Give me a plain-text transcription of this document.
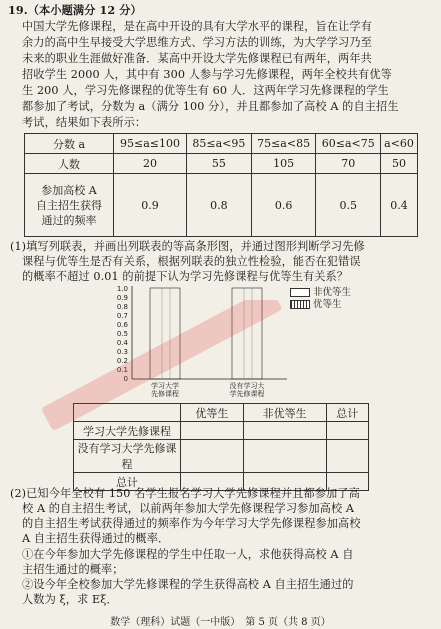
19.（本小题满分 12 分）
中国大学先修课程，是在高中开设的具有大学水平的课程，旨在让学有
余力的高中生早接受大学思维方式、学习方法的训练，为大学学习乃至
未来的职业生涯做好准备．某高中开设大学先修课程已有两年，两年共
招收学生 2000 人，其中有 300 人参与学习先修课程，两年全校共有优等
生 200 人，学习先修课程的优等生有 60 人．这两年学习先修课程的学生
都参加了考试，分数为 a（满分 100 分），并且都参加了高校 A 的自主招生
考试，结果如下表所示：
分数 a	95≤a≤100	85≤a<95	75≤a<85	60≤a<75	a<60
人数	20	55	105	70	50
参加高校 A
自主招生获得
通过的频率	0.9	0.8	0.6	0.5	0.4
(1)填写列联表，并画出列联表的等高条形图，并通过图形判断学习先修
课程与优等生是否有关系，根据列联表的独立性检验，能否在犯错误
的概率不超过 0.01 的前提下认为学习先修课程与优等生有关系？
1.0
0.9
0.8
0.7
0.6
0.5
0.4
0.3
0.2
0.1
0
学习大学先修课程
没有学习大学先修课程
非优等生
优等生
	优等生	非优等生	总计
学习大学先修课程			
没有学习大学先修课程			
总计			
(2)已知今年全校有 150 名学生报名学习大学先修课程并且都参加了高
校 A 的自主招生考试，以前两年参加大学先修课程学习参加高校 A
的自主招生考试获得通过的频率作为今年学习大学先修课程参加高校
A 自主招生获得通过的概率．
①在今年参加大学先修课程的学生中任取一人，求他获得高校 A 自
主招生通过的概率；
②设今年全校参加大学先修课程的学生获得高校 A 自主招生通过的
人数为 ξ，求 Eξ．
数学（理科）试题（一中版）　第 5 页（共 8 页）
